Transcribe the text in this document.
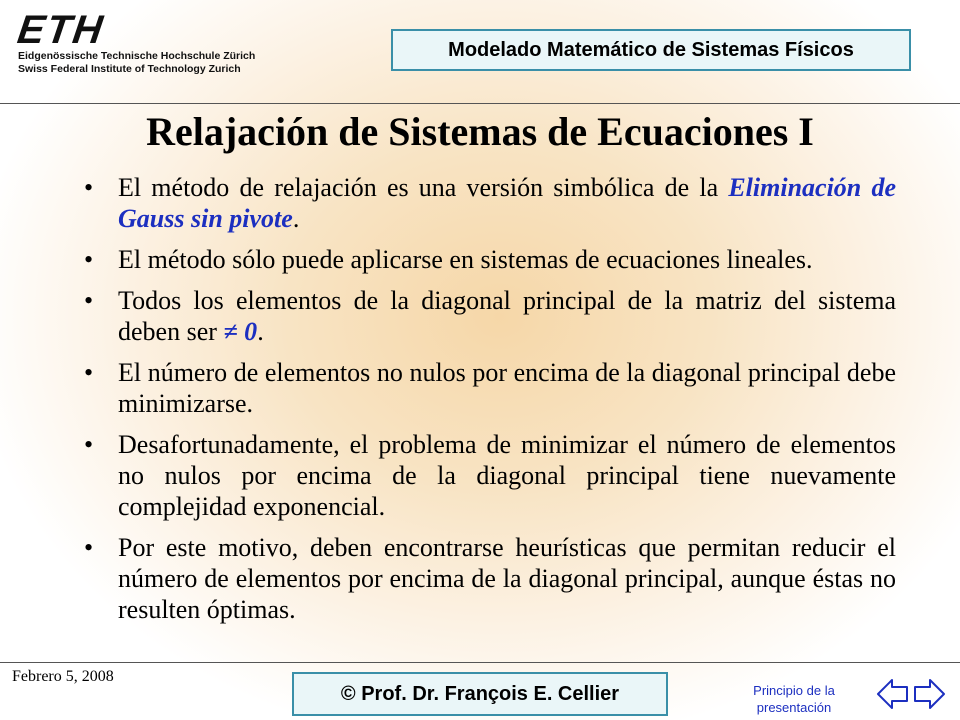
ETH
Eidgenössische Technische Hochschule Zürich
Swiss Federal Institute of Technology Zurich
Modelado Matemático de Sistemas Físicos
Relajación de Sistemas de Ecuaciones I
• El método de relajación es una versión simbólica de la Eliminación de Gauss sin pivote.
• El método sólo puede aplicarse en sistemas de ecuaciones lineales.
• Todos los elementos de la diagonal principal de la matriz del sistema deben ser ≠ 0.
• El número de elementos no nulos por encima de la diagonal principal debe minimizarse.
• Desafortunadamente, el problema de minimizar el número de elementos no nulos por encima de la diagonal principal tiene nuevamente complejidad exponencial.
• Por este motivo, deben encontrarse heurísticas que permitan reducir el número de elementos por encima de la diagonal principal, aunque éstas no resulten óptimas.
Febrero 5, 2008
© Prof. Dr. François E. Cellier	Principio de la presentación
